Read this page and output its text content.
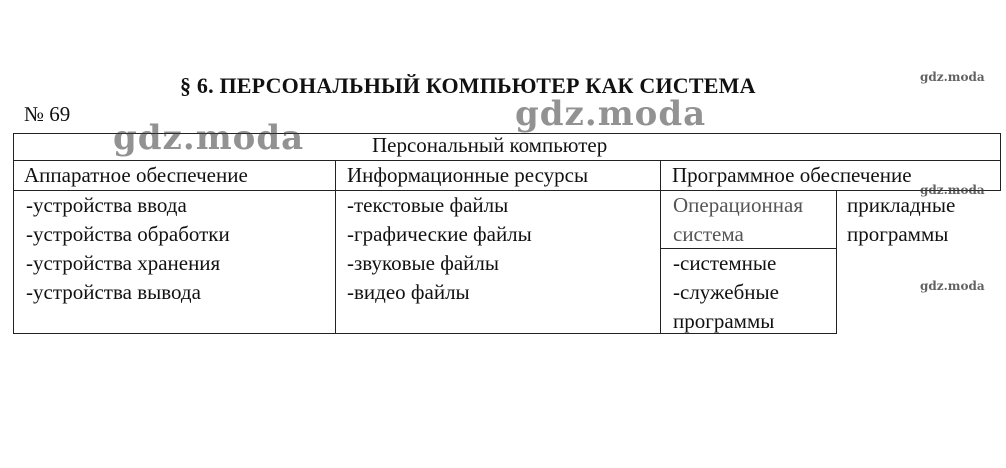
§ 6. ПЕРСОНАЛЬНЫЙ КОМПЬЮТЕР КАК СИСТЕМА
№ 69
Персональный компьютер
Аппаратное обеспечение	Информационные ресурсы	Программное обеспечение
-устройства ввода
-устройства обработки
-устройства хранения
-устройства вывода
-текстовые файлы
-графические файлы
-звуковые файлы
-видео файлы
Операционная
система
-системные
-служебные
программы
прикладные
программы
gdz.moda
gdz.moda
gdz.moda
gdz.moda
gdz.moda
